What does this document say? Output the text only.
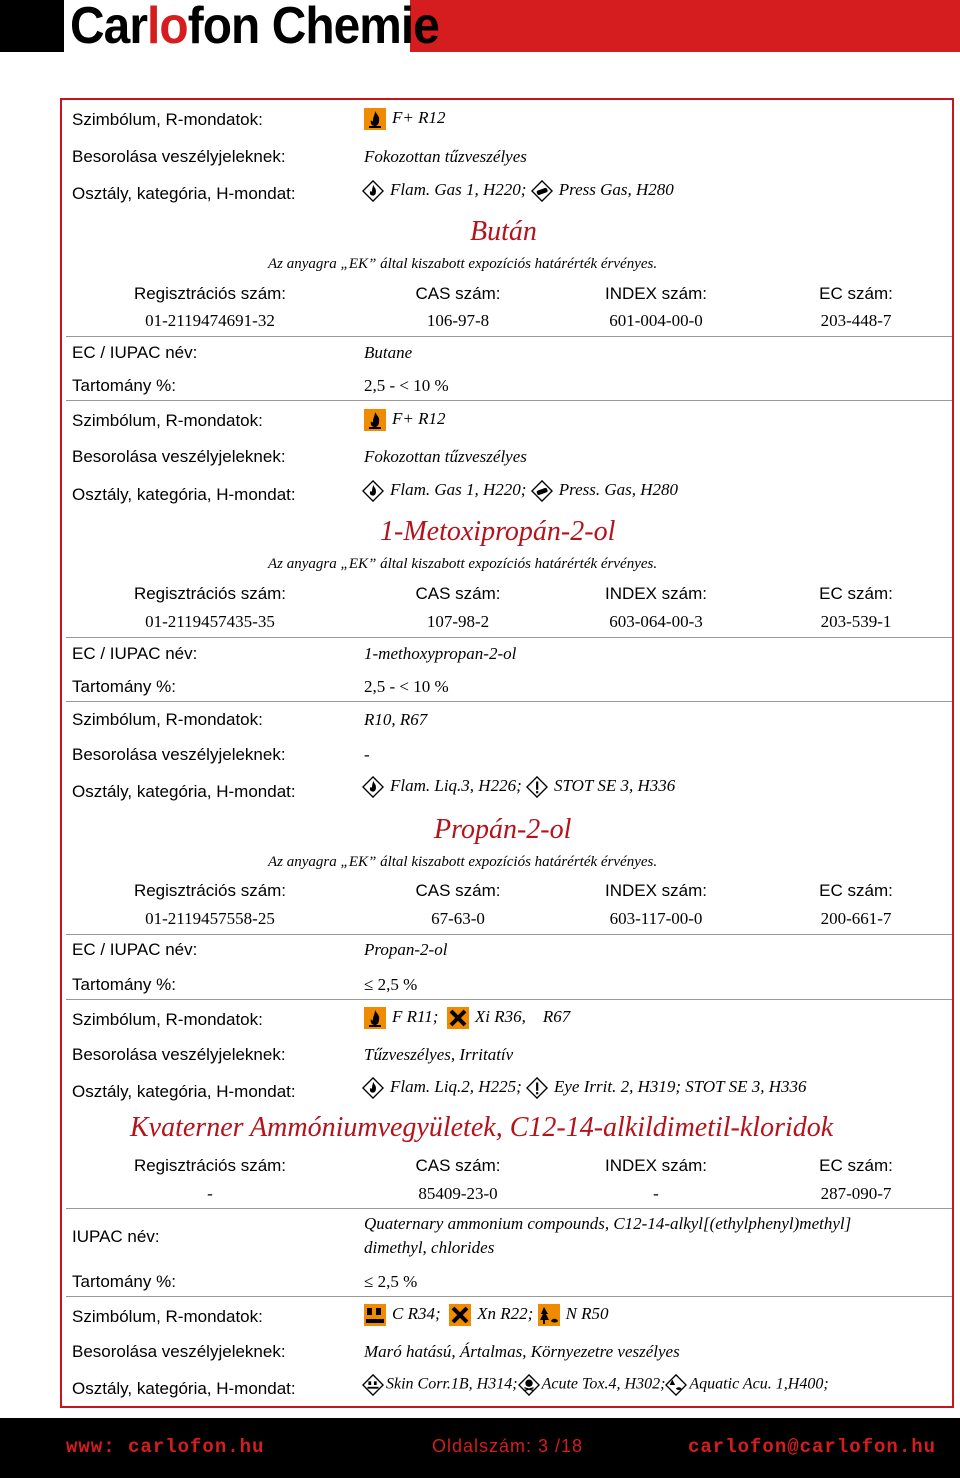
Carlofon Chemie
Szimbólum, R-mondatok:	F+ R12
Besorolása veszélyjeleknek:	Fokozottan tűzveszélyes
Osztály, kategória, H-mondat:	Flam. Gas 1, H220; Press Gas, H280
Bután
Az anyagra „EK” által kiszabott expozíciós határérték érvényes.
Regisztrációs szám:	CAS szám:	INDEX szám:	EC szám:
01-2119474691-32	106-97-8	601-004-00-0	203-448-7
EC / IUPAC név:	Butane
Tartomány %:	2,5 - < 10 %
Szimbólum, R-mondatok:	F+ R12
Besorolása veszélyjeleknek:	Fokozottan tűzveszélyes
Osztály, kategória, H-mondat:	Flam. Gas 1, H220; Press. Gas, H280
1-Metoxipropán-2-ol
Az anyagra „EK” által kiszabott expozíciós határérték érvényes.
Regisztrációs szám:	CAS szám:	INDEX szám:	EC szám:
01-2119457435-35	107-98-2	603-064-00-3	203-539-1
EC / IUPAC név:	1-methoxypropan-2-ol
Tartomány %:	2,5 - < 10 %
Szimbólum, R-mondatok:	R10, R67
Besorolása veszélyjeleknek:	-
Osztály, kategória, H-mondat:	Flam. Liq.3, H226; STOT SE 3, H336
Propán-2-ol
Az anyagra „EK” által kiszabott expozíciós határérték érvényes.
Regisztrációs szám:	CAS szám:	INDEX szám:	EC szám:
01-2119457558-25	67-63-0	603-117-00-0	200-661-7
EC / IUPAC név:	Propan-2-ol
Tartomány %:	≤ 2,5 %
Szimbólum, R-mondatok:	F R11; Xi R36, R67
Besorolása veszélyjeleknek:	Tűzveszélyes, Irritatív
Osztály, kategória, H-mondat:	Flam. Liq.2, H225; Eye Irrit. 2, H319; STOT SE 3, H336
Kvaterner Ammóniumvegyületek, C12-14-alkildimetil-kloridok
Regisztrációs szám:	CAS szám:	INDEX szám:	EC szám:
-	85409-23-0	-	287-090-7
IUPAC név:
Quaternary ammonium compounds, C12-14-alkyl[(ethylphenyl)methyl]
dimethyl, chlorides
Tartomány %:	≤ 2,5 %
Szimbólum, R-mondatok:	C R34; Xn R22; N R50
Besorolása veszélyjeleknek:	Maró hatású, Ártalmas, Környezetre veszélyes
Osztály, kategória, H-mondat:	Skin Corr.1B, H314; Acute Tox.4, H302; Aquatic Acu. 1,H400;
www: carlofon.hu	Oldalszám: 3 /18	carlofon@carlofon.hu
